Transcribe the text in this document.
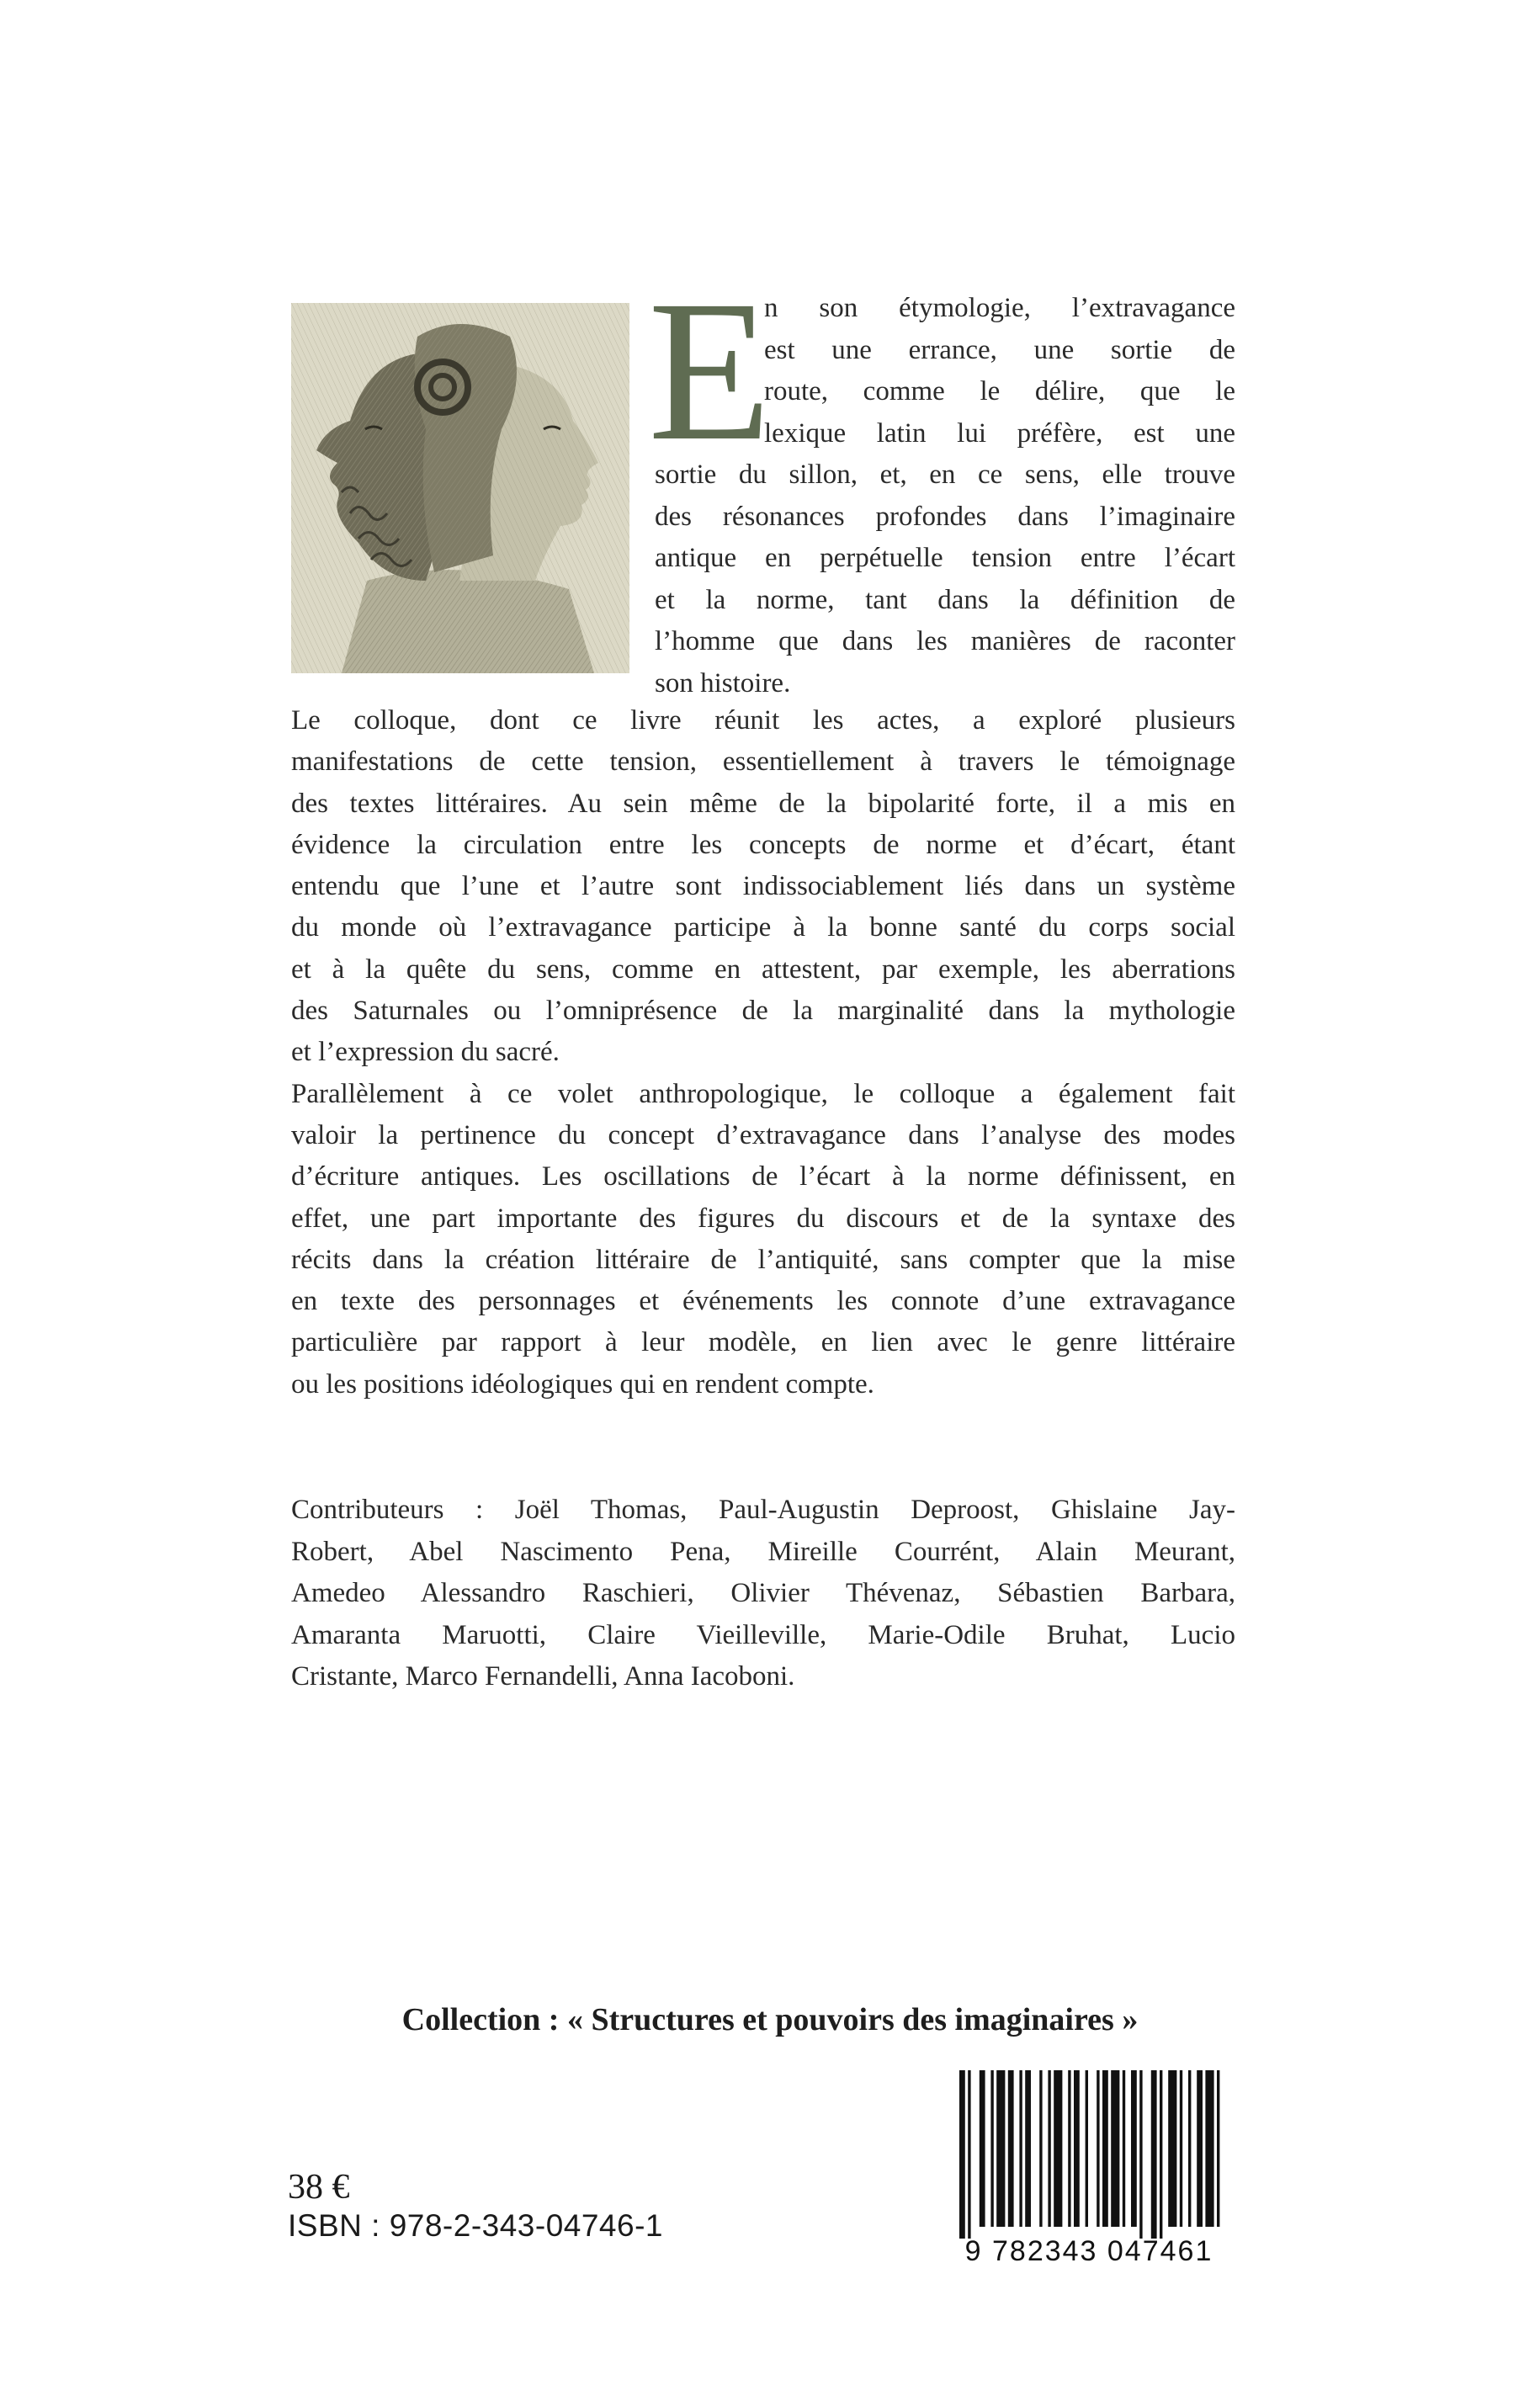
E
n son étymologie, l’extravagance
est une errance, une sortie de
route, comme le délire, que le
lexique latin lui préfère, est une
sortie du sillon, et, en ce sens, elle trouve
des résonances profondes dans l’imaginaire
antique en perpétuelle tension entre l’écart
et la norme, tant dans la définition de
l’homme que dans les manières de raconter
son histoire.

Le colloque, dont ce livre réunit les actes, a exploré plusieurs
manifestations de cette tension, essentiellement à travers le témoignage
des textes littéraires. Au sein même de la bipolarité forte, il a mis en
évidence la circulation entre les concepts de norme et d’écart, étant
entendu que l’une et l’autre sont indissociablement liés dans un système
du monde où l’extravagance participe à la bonne santé du corps social
et à la quête du sens, comme en attestent, par exemple, les aberrations
des Saturnales ou l’omniprésence de la marginalité dans la mythologie
et l’expression du sacré.

Parallèlement à ce volet anthropologique, le colloque a également fait
valoir la pertinence du concept d’extravagance dans l’analyse des modes
d’écriture antiques. Les oscillations de l’écart à la norme définissent, en
effet, une part importante des figures du discours et de la syntaxe des
récits dans la création littéraire de l’antiquité, sans compter que la mise
en texte des personnages et événements les connote d’une extravagance
particulière par rapport à leur modèle, en lien avec le genre littéraire
ou les positions idéologiques qui en rendent compte.

Contributeurs : Joël Thomas, Paul-Augustin Deproost, Ghislaine Jay-
Robert, Abel Nascimento Pena, Mireille Courrént, Alain Meurant,
Amedeo Alessandro Raschieri, Olivier Thévenaz, Sébastien Barbara,
Amaranta Maruotti, Claire Vieilleville, Marie-Odile Bruhat, Lucio
Cristante, Marco Fernandelli, Anna Iacoboni.
Collection : « Structures et pouvoirs des imaginaires »
38 €
ISBN : 978-2-343-04746-1
9 782343 047461
